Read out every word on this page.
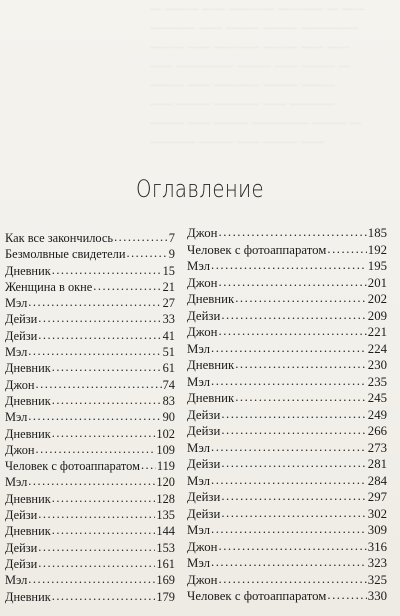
— ——— —— ———— ———— — ——
———— —— ——— ——— —————
——— —— ———— ——— —— ——
—— ————— ——— —— ——— —
——— —— ———— ——— ———
—— ——— ———— —— ————
——— —— ——— ————— ——— —
———— ——— —— ——— ——
Оглавление
Как все закончилось .....	7
Безмолвные свидетели .....	9
Дневник .....	15
Женщина в окне .....	21
Мэл .....	27
Дейзи .....	33
Дейзи .....	41
Мэл .....	51
Дневник .....	61
Джон .....	74
Дневник .....	83
Мэл .....	90
Дневник .....	102
Джон .....	109
Человек с фотоаппаратом ..... 119
Мэл .....	120
Дневник .....	128
Дейзи .....	135
Дневник .....	144
Дейзи .....	153
Дейзи .....	161
Мэл .....	169
Дневник .....	179
Джон .....	185
Человек с фотоаппаратом .....	192
Мэл .....	195
Джон .....	201
Дневник .....	202
Дейзи .....	209
Джон .....	221
Мэл .....	224
Дневник .....	230
Мэл .....	235
Дневник .....	245
Дейзи .....	249
Дейзи .....	266
Мэл .....	273
Дейзи .....	281
Мэл .....	284
Дейзи .....	297
Дейзи .....	302
Мэл .....	309
Джон .....	316
Мэл .....	323
Джон .....	325
Человек с фотоаппаратом .....	330
